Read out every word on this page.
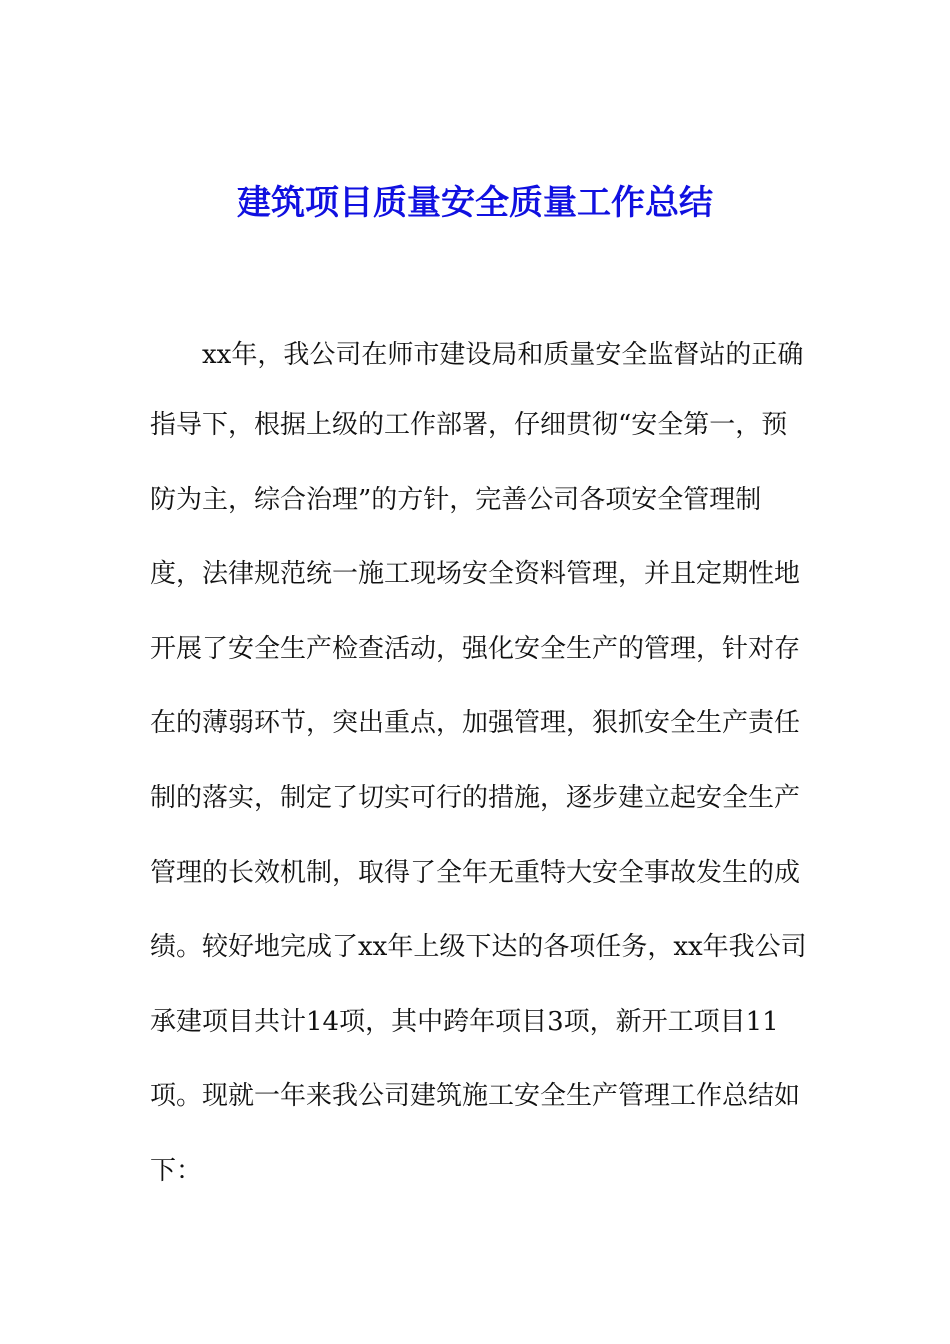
建筑项目质量安全质量工作总结
xx年，我公司在师市建设局和质量安全监督站的正确
指导下，根据上级的工作部署，仔细贯彻“安全第一，预
防为主，综合治理”的方针，完善公司各项安全管理制
度，法律规范统一施工现场安全资料管理，并且定期性地
开展了安全生产检查活动，强化安全生产的管理，针对存
在的薄弱环节，突出重点，加强管理，狠抓安全生产责任
制的落实，制定了切实可行的措施，逐步建立起安全生产
管理的长效机制，取得了全年无重特大安全事故发生的成
绩。较好地完成了xx年上级下达的各项任务，xx年我公司
承建项目共计14项，其中跨年项目3项，新开工项目11
项。现就一年来我公司建筑施工安全生产管理工作总结如
下：
